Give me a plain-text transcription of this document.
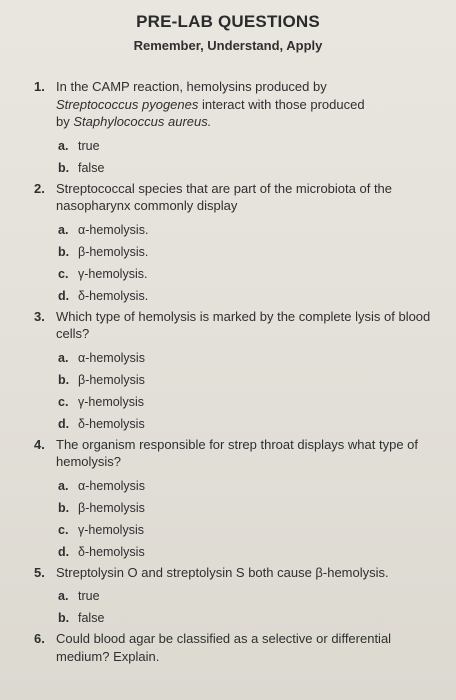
PRE-LAB QUESTIONS
Remember, Understand, Apply
1. In the CAMP reaction, hemolysins produced by
Streptococcus pyogenes interact with those produced
by Staphylococcus aureus.
a. true
b. false
2. Streptococcal species that are part of the microbiota of the nasopharynx commonly display
a. α-hemolysis.
b. β-hemolysis.
c. γ-hemolysis.
d. δ-hemolysis.
3. Which type of hemolysis is marked by the complete lysis of blood cells?
a. α-hemolysis
b. β-hemolysis
c. γ-hemolysis
d. δ-hemolysis
4. The organism responsible for strep throat displays what type of hemolysis?
a. α-hemolysis
b. β-hemolysis
c. γ-hemolysis
d. δ-hemolysis
5. Streptolysin O and streptolysin S both cause β-hemolysis.
a. true
b. false
6. Could blood agar be classified as a selective or differential medium? Explain.
